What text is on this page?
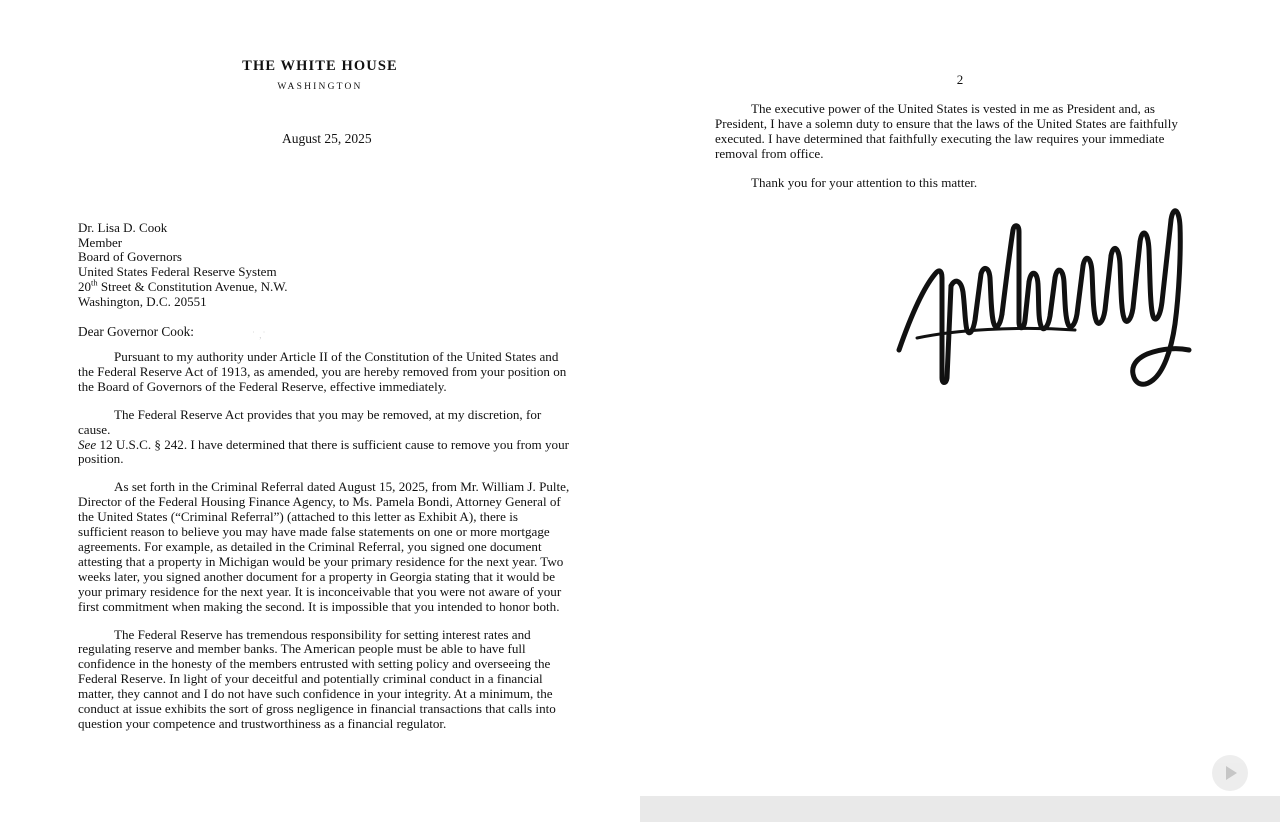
THE WHITE HOUSE
WASHINGTON
August 25, 2025
Dr. Lisa D. Cook
Member
Board of Governors
United States Federal Reserve System
20th Street & Constitution Avenue, N.W.
Washington, D.C. 20551
Dear Governor Cook:	˙ ,˙

Pursuant to my authority under Article II of the Constitution of the United States and the Federal Reserve Act of 1913, as amended, you are hereby removed from your position on the Board of Governors of the Federal Reserve, effective immediately.

The Federal Reserve Act provides that you may be removed, at my discretion, for cause.
See 12 U.S.C. § 242. I have determined that there is sufficient cause to remove you from your position.

As set forth in the Criminal Referral dated August 15, 2025, from Mr. William J. Pulte, Director of the Federal Housing Finance Agency, to Ms. Pamela Bondi, Attorney General of the United States (“Criminal Referral”) (attached to this letter as Exhibit A), there is sufficient reason to believe you may have made false statements on one or more mortgage agreements. For example, as detailed in the Criminal Referral, you signed one document attesting that a property in Michigan would be your primary residence for the next year. Two weeks later, you signed another document for a property in Georgia stating that it would be your primary residence for the next year. It is inconceivable that you were not aware of your first commitment when making the second. It is impossible that you intended to honor both.

The Federal Reserve has tremendous responsibility for setting interest rates and regulating reserve and member banks. The American people must be able to have full confidence in the honesty of the members entrusted with setting policy and overseeing the Federal Reserve. In light of your deceitful and potentially criminal conduct in a financial matter, they cannot and I do not have such confidence in your integrity. At a minimum, the conduct at issue exhibits the sort of gross negligence in financial transactions that calls into question your competence and trustworthiness as a financial regulator.

2

The executive power of the United States is vested in me as President and, as President, I have a solemn duty to ensure that the laws of the United States are faithfully executed. I have determined that faithfully executing the law requires your immediate removal from office.

Thank you for your attention to this matter.
